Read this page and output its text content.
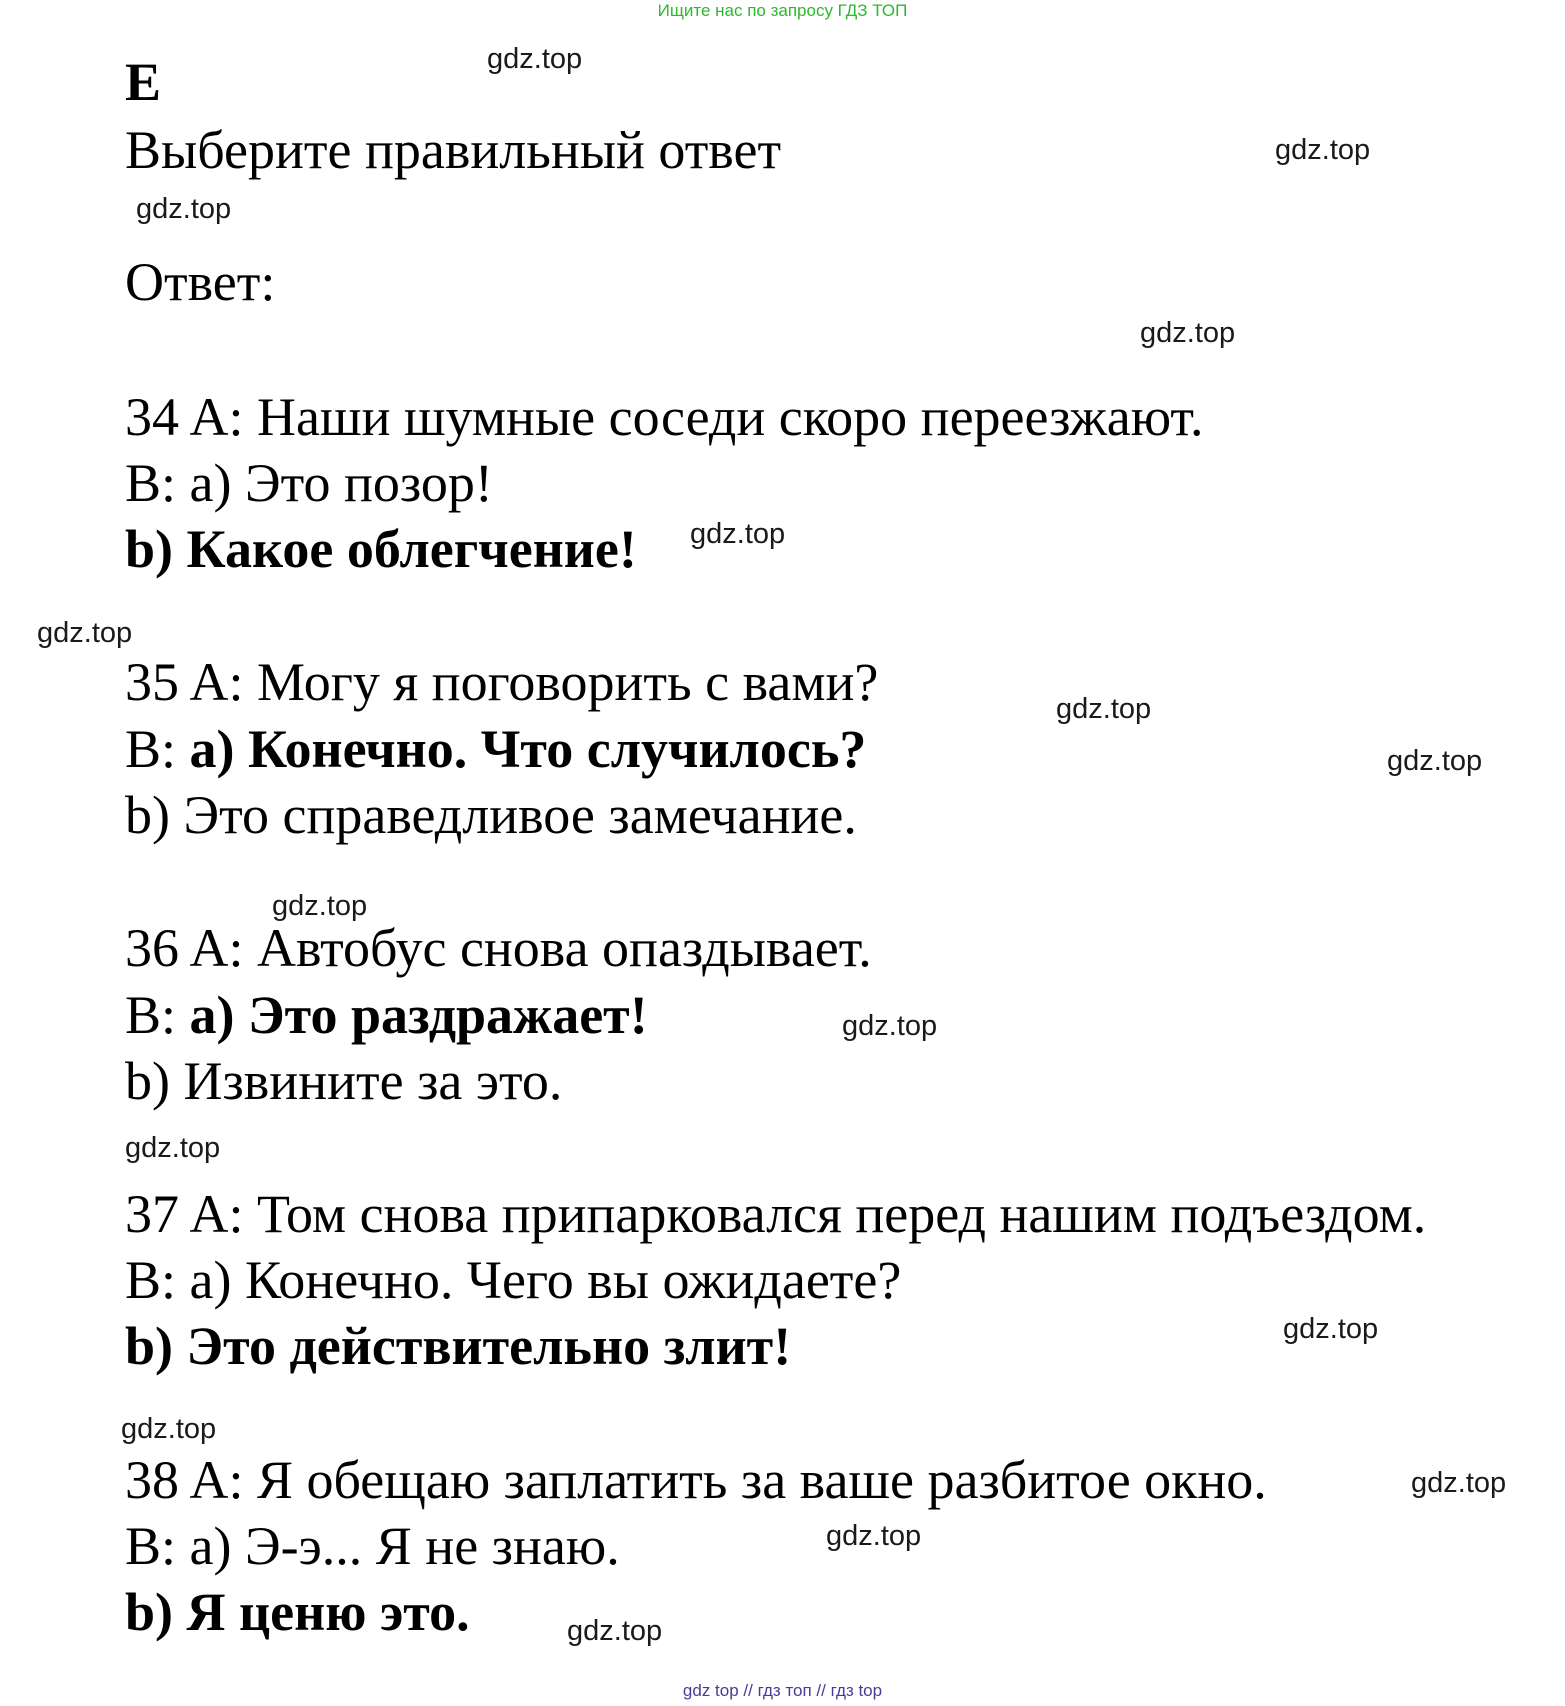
Ищите нас по запросу ГДЗ ТОП
E
Выберите правильный ответ
Ответ:
34 A: Наши шумные соседи скоро переезжают.
B: a) Это позор!
b) Какое облегчение!
35 A: Могу я поговорить с вами?
B: a) Конечно. Что случилось?
b) Это справедливое замечание.
36 A: Автобус снова опаздывает.
B: a) Это раздражает!
b) Извините за это.
37 A: Том снова припарковался перед нашим подъездом.
B: a) Конечно. Чего вы ожидаете?
b) Это действительно злит!
38 A: Я обещаю заплатить за ваше разбитое окно.
B: a) Э-э... Я не знаю.
b) Я ценю это.
gdz.top
gdz.top
gdz.top
gdz.top
gdz.top
gdz.top
gdz.top
gdz.top
gdz.top
gdz.top
gdz.top
gdz.top
gdz.top
gdz.top
gdz.top
gdz.top
gdz top // гдз топ // гдз top
